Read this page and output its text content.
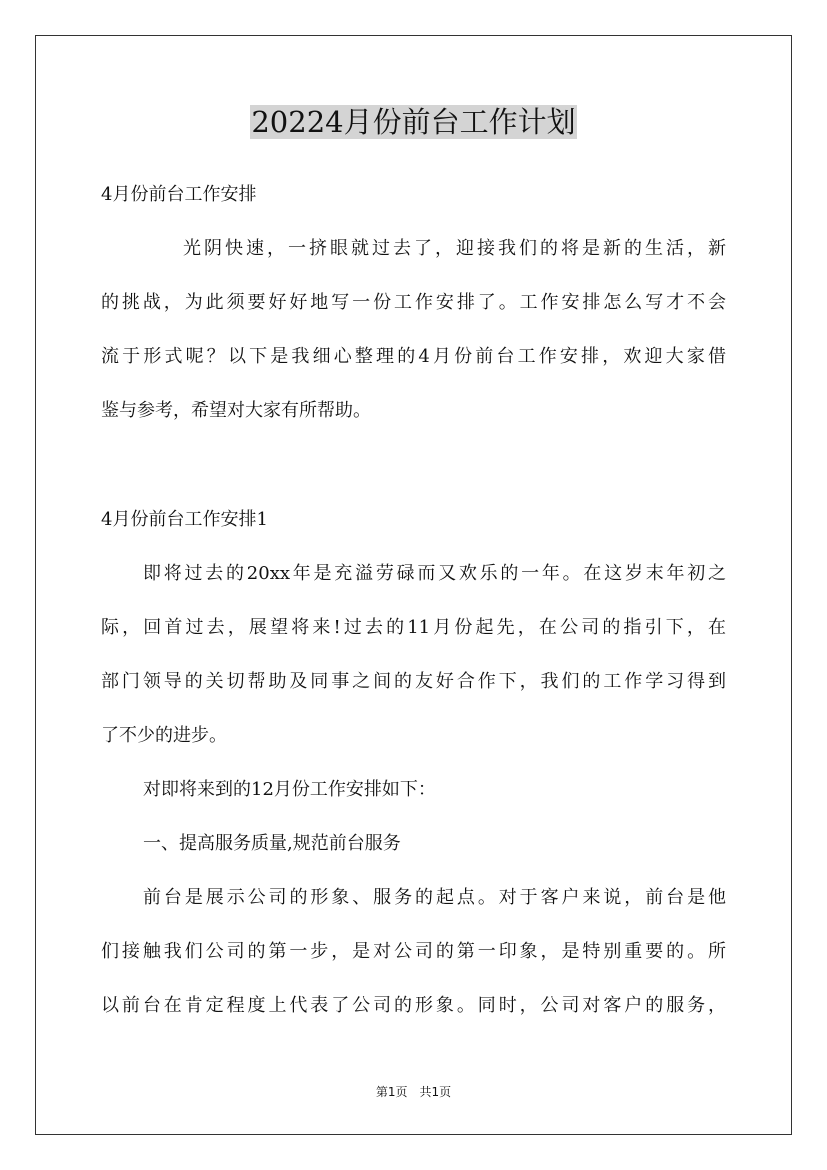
20224月份前台工作计划

4月份前台工作安排

光阴快速，一挤眼就过去了，迎接我们的将是新的生活，新

的挑战，为此须要好好地写一份工作安排了。工作安排怎么写才不会

流于形式呢？以下是我细心整理的4月份前台工作安排，欢迎大家借

鉴与参考，希望对大家有所帮助。

4月份前台工作安排1

即将过去的20xx年是充溢劳碌而又欢乐的一年。在这岁末年初之

际，回首过去，展望将来!过去的11月份起先，在公司的指引下，在

部门领导的关切帮助及同事之间的友好合作下，我们的工作学习得到

了不少的进步。

对即将来到的12月份工作安排如下：

一、提高服务质量,规范前台服务

前台是展示公司的形象、服务的起点。对于客户来说，前台是他

们接触我们公司的第一步，是对公司的第一印象，是特别重要的。所

以前台在肯定程度上代表了公司的形象。同时，公司对客户的服务，

第1页　共1页
